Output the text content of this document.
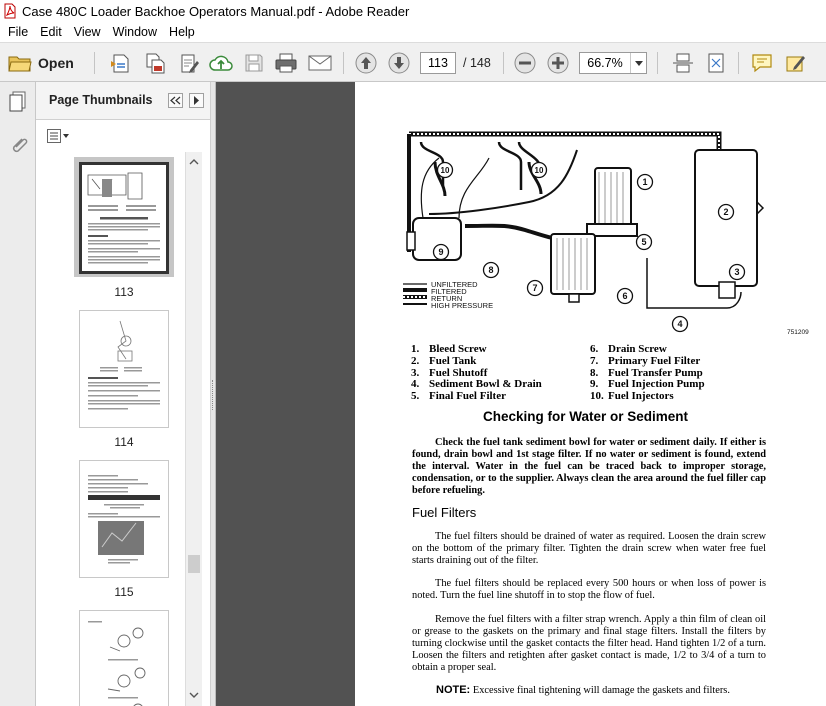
Case 480C Loader Backhoe Operators Manual.pdf - Adobe Reader
File Edit View Window Help
Open	113	/ 148	66.7%
Page Thumbnails
113
114
115
UNFILTERED
FILTERED
RETURN
HIGH PRESSURE
751209
1
2
3
4
5
6
7
8
9
10	10
1. Bleed Screw
2. Fuel Tank
3. Fuel Shutoff
4. Sediment Bowl & Drain
5. Final Fuel Filter
6. Drain Screw
7. Primary Fuel Filter
8. Fuel Transfer Pump
9. Fuel Injection Pump
10. Fuel Injectors
Checking for Water or Sediment
Check the fuel tank sediment bowl for water or sediment daily. If either is found, drain bowl and 1st stage filter. If no water or sediment is found, extend the interval. Water in the fuel can be traced back to improper storage, condensation, or to the supplier. Always clean the area around the fuel filler cap before refueling.
Fuel Filters
The fuel filters should be drained of water as required. Loosen the drain screw on the bottom of the primary filter. Tighten the drain screw when water free fuel starts draining out of the filter.
The fuel filters should be replaced every 500 hours or when loss of power is noted. Turn the fuel line shutoff in to stop the flow of fuel.
Remove the fuel filters with a filter strap wrench. Apply a thin film of clean oil or grease to the gaskets on the primary and final stage filters. Install the filters by turning clockwise until the gasket contacts the filter head. Hand tighten 1/2 of a turn. Loosen the filters and retighten after gasket contact is made, 1/2 to 3/4 of a turn to obtain a proper seal.
NOTE: Excessive final tightening will damage the gaskets and filters.
